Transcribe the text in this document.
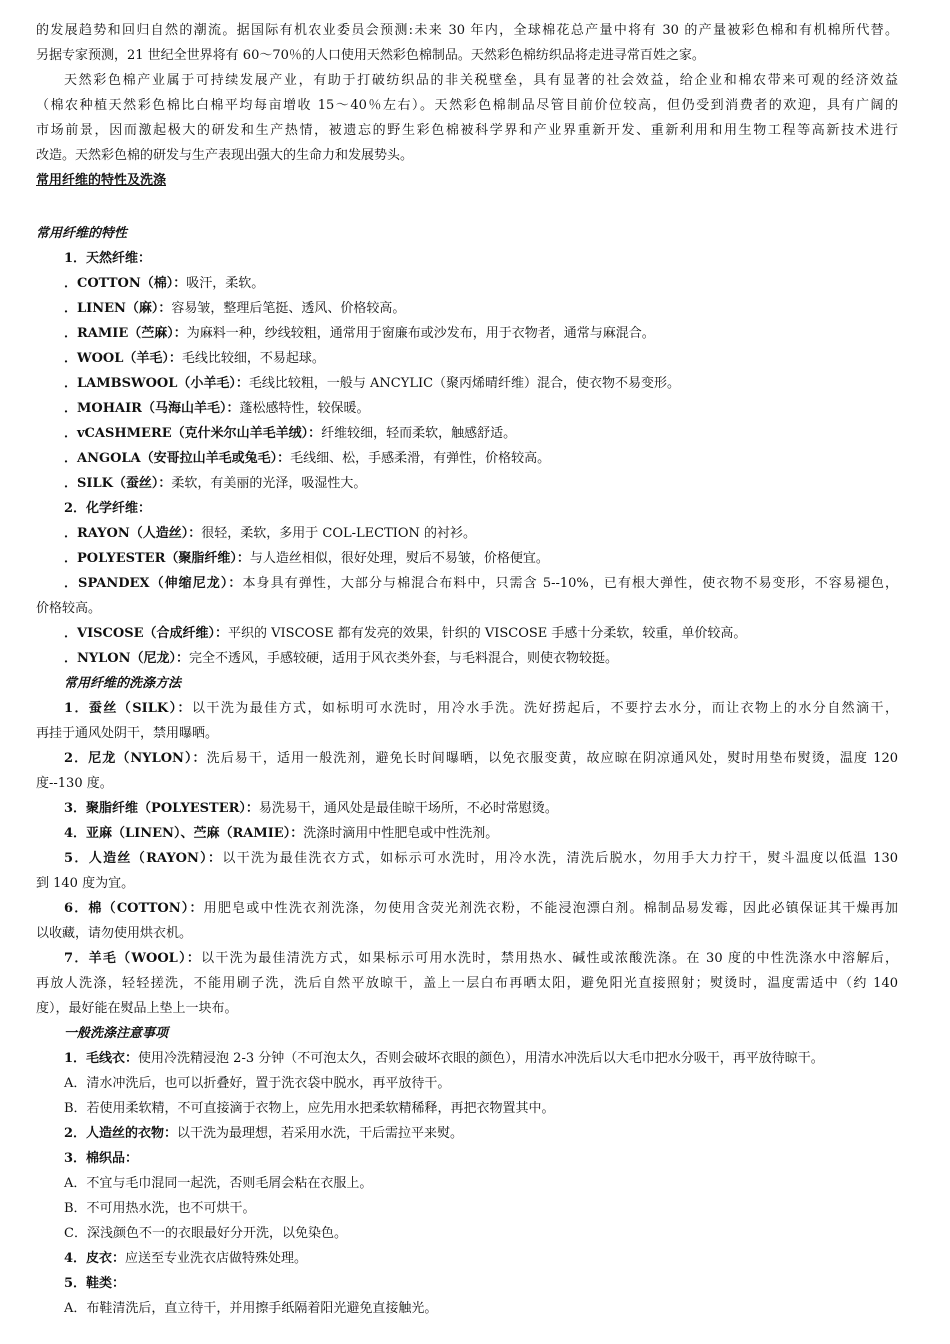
的发展趋势和回归自然的潮流。据国际有机农业委员会预测:未来 30 年内，全球棉花总产量中将有 30 的产量被彩色棉和有机棉所代替。
另据专家预测，21 世纪全世界将有 60～70％的人口使用天然彩色棉制品。天然彩色棉纺织品将走进寻常百姓之家。
天然彩色棉产业属于可持续发展产业，有助于打破纺织品的非关税壁垒，具有显著的社会效益，给企业和棉农带来可观的经济效益
（棉农种植天然彩色棉比白棉平均每亩增收 15～40％左右）。天然彩色棉制品尽管目前价位较高，但仍受到消费者的欢迎，具有广阔的
市场前景，因而激起极大的研发和生产热情，被遗忘的野生彩色棉被科学界和产业界重新开发、重新利用和用生物工程等高新技术进行
改造。天然彩色棉的研发与生产表现出强大的生命力和发展势头。
常用纤维的特性及洗涤
常用纤维的特性
1．天然纤维：
．COTTON（棉）：吸汗，柔软。
．LINEN（麻）：容易皱，整理后笔挺、透风、价格较高。
．RAMIE（苎麻）：为麻料一种，纱线较粗，通常用于窗廉布或沙发布，用于衣物者，通常与麻混合。
．WOOL（羊毛）：毛线比较细，不易起球。
．LAMBSWOOL（小羊毛）：毛线比较粗，一般与 ANCYLIC（聚丙烯晴纤维）混合，使衣物不易变形。
．MOHAIR（马海山羊毛）：蓬松感特性，较保暖。
．vCASHMERE（克什米尔山羊毛羊绒）：纤维较细，轻而柔软，触感舒适。
．ANGOLA（安哥拉山羊毛或兔毛）：毛线细、松，手感柔滑，有弹性，价格较高。
．SILK（蚕丝）：柔软，有美丽的光泽，吸湿性大。
2．化学纤维：
．RAYON（人造丝）：很轻，柔软，多用于 COL-LECTION 的衬衫。
．POLYESTER（聚脂纤维）：与人造丝相似，很好处理，熨后不易皱，价格便宜。
．SPANDEX（伸缩尼龙）：本身具有弹性，大部分与棉混合布料中，只需含 5--10%，已有根大弹性，使衣物不易变形，不容易褪色，
价格较高。
．VISCOSE（合成纤维）：平织的 VISCOSE 都有发亮的效果，针织的 VISCOSE 手感十分柔软，较重，单价较高。
．NYLON（尼龙）：完全不透风，手感较硬，适用于风衣类外套，与毛料混合，则使衣物较挺。
常用纤维的洗涤方法
1．蚕丝（SILK）：以干洗为最佳方式，如标明可水洗时，用冷水手洗。洗好捞起后，不要拧去水分，而让衣物上的水分自然滴干，
再挂于通风处阴干，禁用曝晒。
2．尼龙（NYLON）：洗后易干，适用一般洗剂，避免长时间曝晒，以免衣服变黄，故应晾在阴凉通风处，熨时用垫布熨烫，温度 120
度--130 度。
3．聚脂纤维（POLYESTER）：易洗易干，通风处是最佳晾干场所，不必时常慰烫。
4．亚麻（LINEN）、苎麻（RAMIE）：洗涤时滴用中性肥皂或中性洗剂。
5．人造丝（RAYON）：以干洗为最佳洗衣方式，如标示可水洗时，用冷水洗，清洗后脱水，勿用手大力拧干，熨斗温度以低温 130
到 140 度为宜。
6．棉（COTTON）：用肥皂或中性洗衣剂洗涤，勿使用含荧光剂洗衣粉，不能浸泡漂白剂。棉制品易发霉，因此必镇保证其干燥再加
以收藏，请勿使用烘衣机。
7．羊毛（WOOL）：以干洗为最佳清洗方式，如果标示可用水洗时，禁用热水、碱性或浓酸洗涤。在 30 度的中性洗涤水中溶解后，
再放人洗涤，轻轻搓洗，不能用刷子洗，洗后自然平放晾干，盖上一层白布再晒太阳，避免阳光直接照射；熨烫时，温度需适中（约 140
度），最好能在熨品上垫上一块布。
一般洗涤注意事项
1．毛线衣：使用冷洗精浸泡 2-3 分钟（不可泡太久，否则会破坏衣眼的颜色），用清水冲洗后以大毛巾把水分吸干，再平放待晾干。
A．清水冲洗后，也可以折叠好，置于洗衣袋中脱水，再平放待干。
B．若使用柔软精，不可直接滴于衣物上，应先用水把柔软精稀释，再把衣物置其中。
2．人造丝的衣物：以干洗为最理想，若采用水洗，干后需拉平来熨。
3．棉织品：
A．不宜与毛巾混同一起洗，否则毛屑会粘在衣服上。
B．不可用热水洗，也不可烘干。
C．深浅颜色不一的衣眼最好分开洗，以免染色。
4．皮衣：应送至专业洗衣店做特殊处理。
5．鞋类：
A．布鞋清洗后，直立待干，并用擦手纸隔着阳光避免直接触光。
